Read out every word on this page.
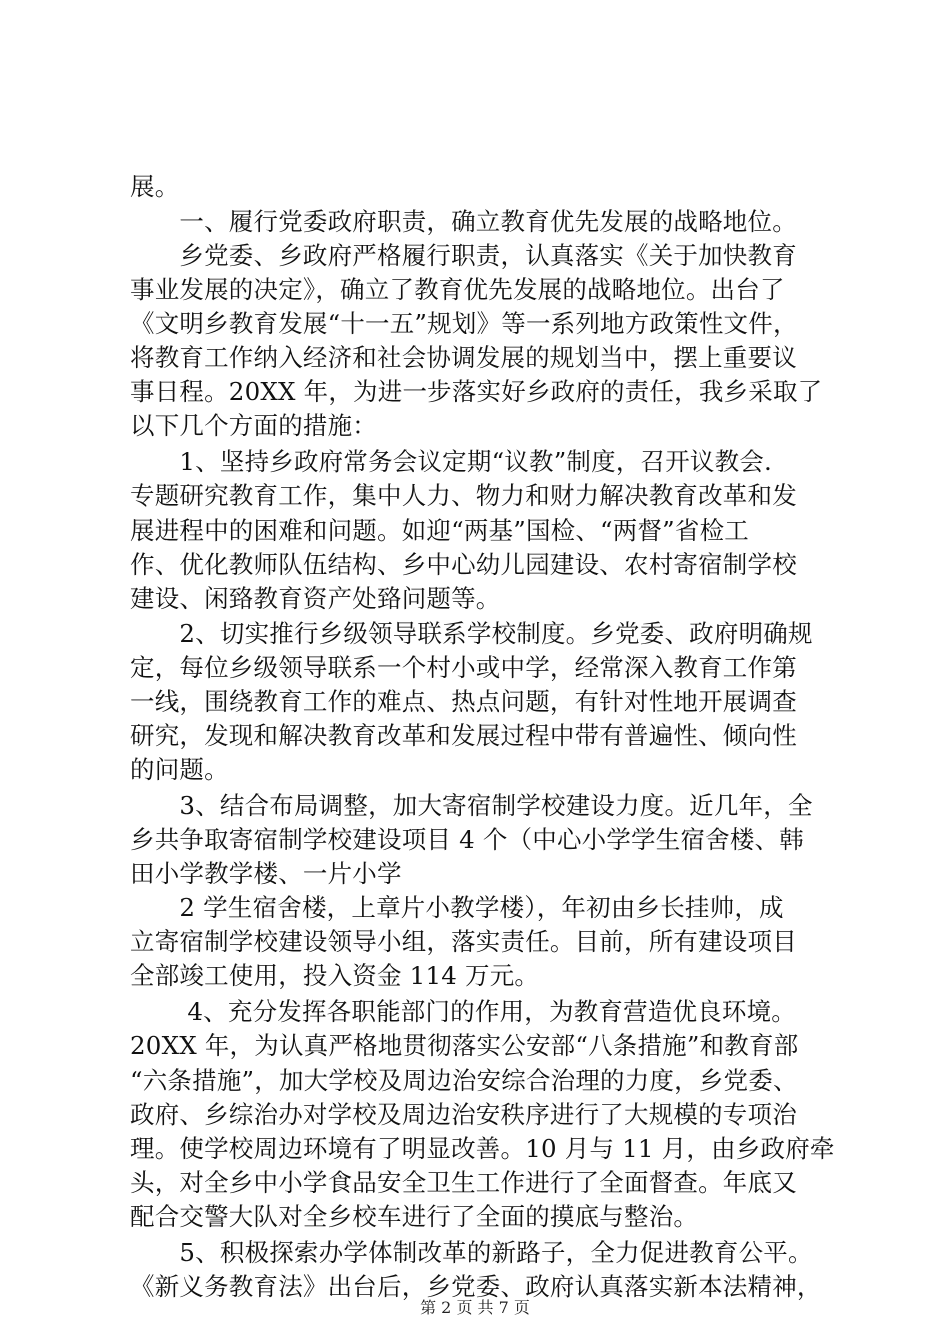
展。
　　一、履行党委政府职责，确立教育优先发展的战略地位。
　　乡党委、乡政府严格履行职责，认真落实《关于加快教育
事业发展的决定》，确立了教育优先发展的战略地位。出台了
《文明乡教育发展“十一五”规划》等一系列地方政策性文件，
将教育工作纳入经济和社会协调发展的规划当中，摆上重要议
事日程。20XX 年，为进一步落实好乡政府的责任，我乡采取了
以下几个方面的措施：
　　1、坚持乡政府常务会议定期“议教”制度，召开议教会.
专题研究教育工作，集中人力、物力和财力解决教育改革和发
展进程中的困难和问题。如迎“两基”国检、“两督”省检工
作、优化教师队伍结构、乡中心幼儿园建设、农村寄宿制学校
建设、闲臵教育资产处臵问题等。
　　2、切实推行乡级领导联系学校制度。乡党委、政府明确规
定，每位乡级领导联系一个村小或中学，经常深入教育工作第
一线，围绕教育工作的难点、热点问题，有针对性地开展调查
研究，发现和解决教育改革和发展过程中带有普遍性、倾向性
的问题。
　　3、结合布局调整，加大寄宿制学校建设力度。近几年，全
乡共争取寄宿制学校建设项目 4 个（中心小学学生宿舍楼、韩
田小学教学楼、一片小学
　　2 学生宿舍楼，上章片小教学楼），年初由乡长挂帅，成
立寄宿制学校建设领导小组，落实责任。目前，所有建设项目
全部竣工使用，投入资金 114 万元。
　　 4、充分发挥各职能部门的作用，为教育营造优良环境。
20XX 年，为认真严格地贯彻落实公安部“八条措施”和教育部
“六条措施”，加大学校及周边治安综合治理的力度，乡党委、
政府、乡综治办对学校及周边治安秩序进行了大规模的专项治
理。使学校周边环境有了明显改善。10 月与 11 月，由乡政府牵
头，对全乡中小学食品安全卫生工作进行了全面督查。年底又
配合交警大队对全乡校车进行了全面的摸底与整治。
　　5、积极探索办学体制改革的新路子，全力促进教育公平。
《新义务教育法》出台后，乡党委、政府认真落实新本法精神，
第 2 页 共 7 页
